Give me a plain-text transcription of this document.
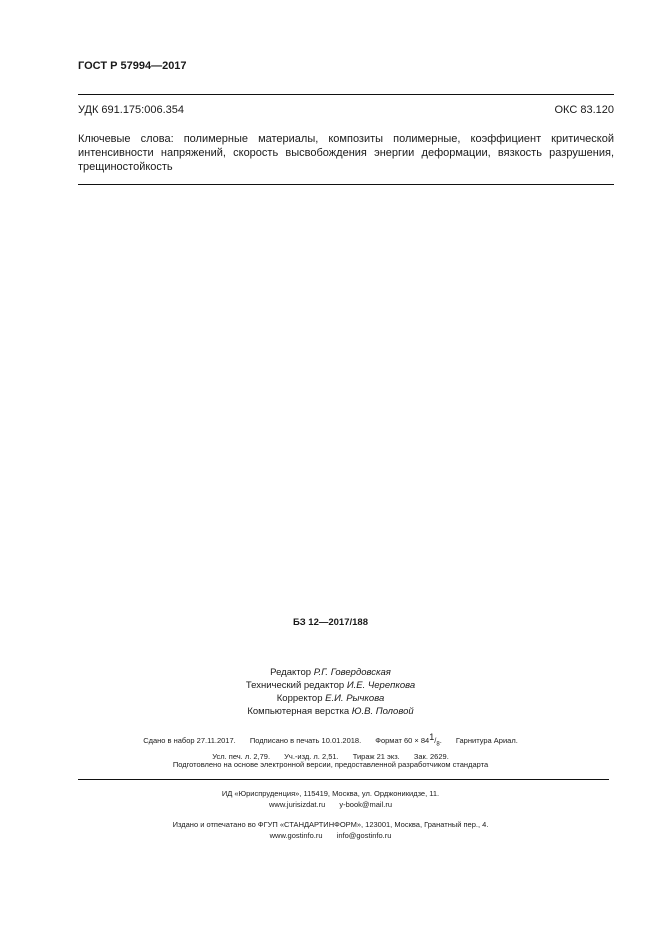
ГОСТ Р 57994—2017
УДК 691.175:006.354	ОКС 83.120
Ключевые слова: полимерные материалы, композиты полимерные, коэффициент критической интенсивности напряжений, скорость высвобождения энергии деформации, вязкость разрушения, трещиностойкость
БЗ 12—2017/188
Редактор Р.Г. Говердовская
Технический редактор И.Е. Черепкова
Корректор Е.И. Рычкова
Компьютерная верстка Ю.В. Половой
Сдано в набор 27.11.2017. Подписано в печать 10.01.2018. Формат $60 \times 84^1/_8$. Гарнитура Ариал.
Усл. печ. л. 2,79. Уч.-изд. л. 2,51. Тираж 21 экз. Зак. 2629.
Подготовлено на основе электронной версии, предоставленной разработчиком стандарта
ИД «Юриспруденция», 115419, Москва, ул. Орджоникидзе, 11.
www.jurisizdat.ru y-book@mail.ru
Издано и отпечатано во ФГУП «СТАНДАРТИНФОРМ», 123001, Москва, Гранатный пер., 4.
www.gostinfo.ru info@gostinfo.ru
